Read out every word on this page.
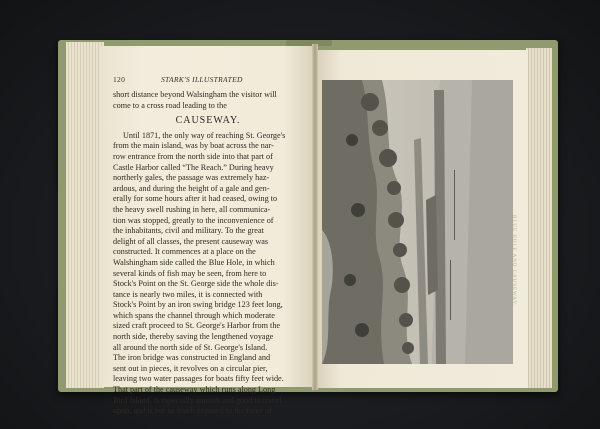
120	STARK'S ILLUSTRATED
short distance beyond Walsingham the visitor will
come to a cross road leading to the
CAUSEWAY.
Until 1871, the only way of reaching St. George's
from the main island, was by boat across the nar-
row entrance from the north side into that part of
Castle Harbor called “The Reach.” During heavy
northerly gales, the passage was extremely haz-
ardous, and during the height of a gale and gen-
erally for some hours after it had ceased, owing to
the heavy swell rushing in here, all communica-
tion was stopped, greatly to the inconvenience of
the inhabitants, civil and military. To the great
delight of all classes, the present causeway was
constructed. It commences at a place on the
Walshingham side called the Blue Hole, in which
several kinds of fish may be seen, from here to
Stock's Point on the St. George side the whole dis-
tance is nearly two miles, it is connected with
Stock's Point by an iron swing bridge 123 feet long,
which spans the channel through which moderate
sized craft proceed to St. George's Harbor from the
north side, thereby saving the lengthened voyage
all around the north side of St. George's Island.
The iron bridge was constructed in England and
sent out in pieces, it revolves on a circular pier,
leaving two water passages for boats fifty feet wide.
That part of the causeway which runs along Long
Bird Island, is especially smooth and good to travel
upon, and is not so much exposed to the force of
BLUE HOLE AND CAUSEWAY.
